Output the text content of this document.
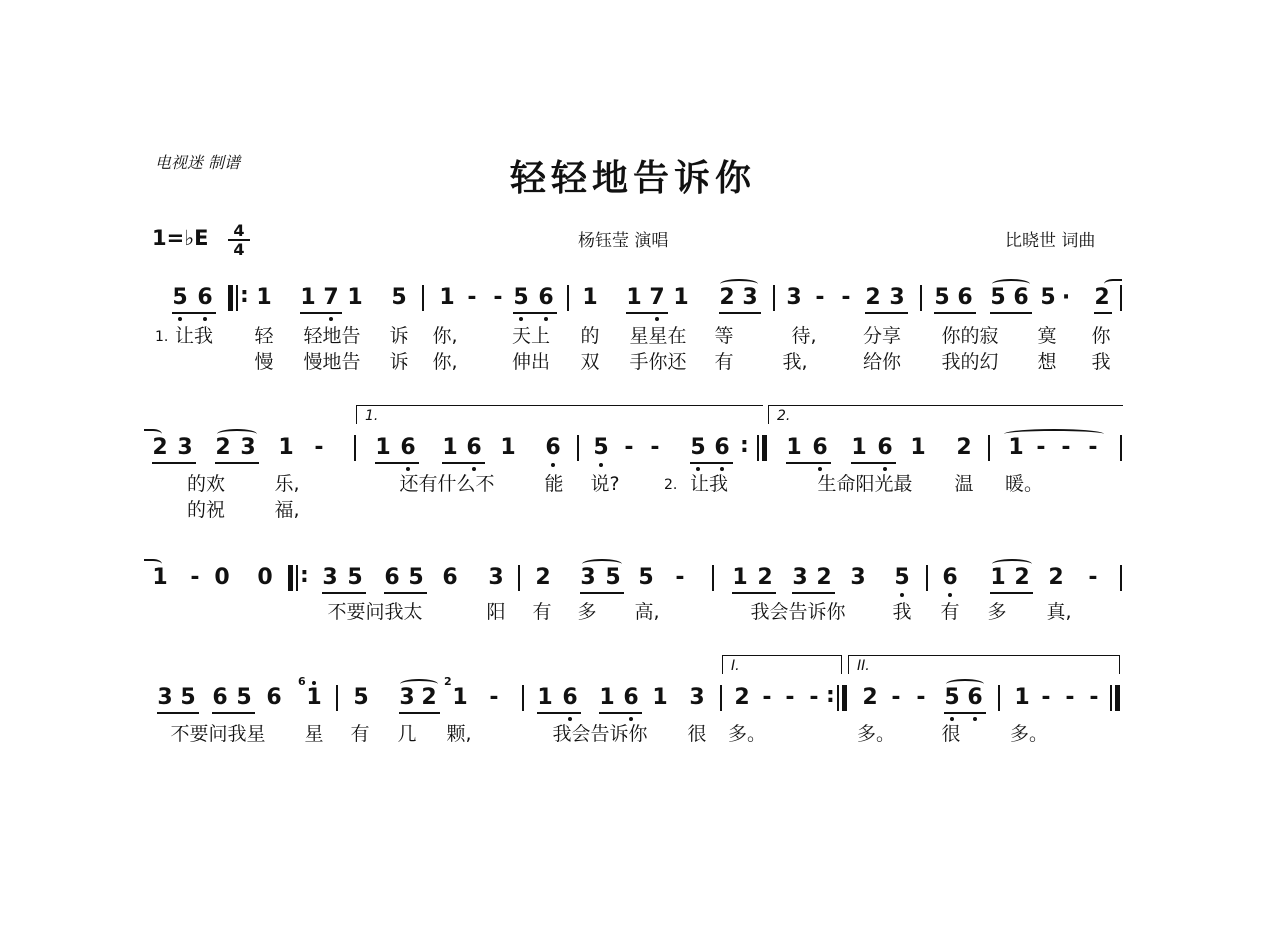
电视迷 制谱	轻轻地告诉你
1=♭E	4
4	杨钰莹 演唱	比晓世 词曲
5 6 : 1 1 7 1 5 1 - - 5 6 1 1 7 1 2 3 3 - - 2 3 5 6 5 6 5 · 2
1. 让我	轻	轻地告	诉	你,	天上	的	星星在	等	待,	分享	你的寂	寞	你
慢	慢地告	诉	你,	伸出	双	手你还	有	我,	给你	我的幻	想	我
2 3 2 3 1 -
1.
1 6 1 6 1 6 5 - - 5 6 :
2.
1 6 1 6 1 2 1 - - -
的欢	乐,	还有什么不	能	说?	2. 让我	生命阳光最	温	暖。
的祝	福,
1 - 0 0 : 3 5 6 5 6 3 2 3 5 5 - 1 2 3 2 3 5 6 1 2 2 -
不要问我太	阳	有	多	高,	我会告诉你	我	有	多	真,
3 5 6 5 6
6
1 5 3 2
2
1 - 1 6 1 6 1 3
I.
2 - - - :
II.
2 - - 5 6 1 - - -
不要问我星	星	有	几	颗,	我会告诉你	很	多。	多。	很	多。
